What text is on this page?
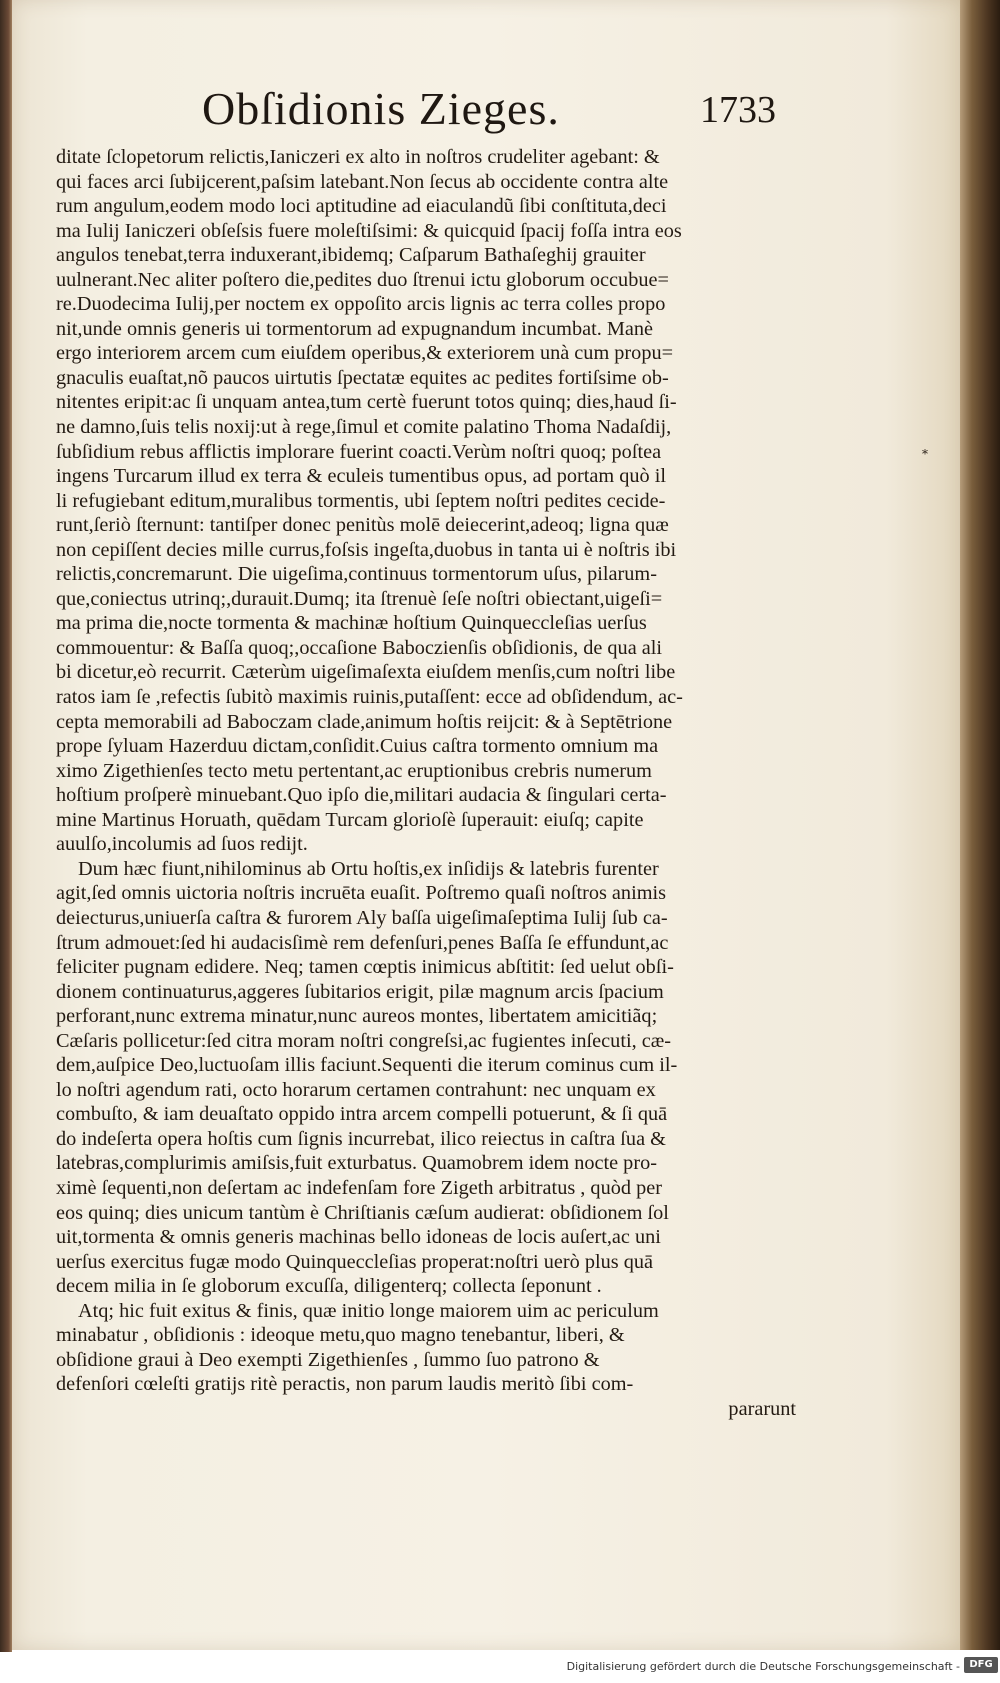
Obſidionis Zieges.	1733
ditate ſclopetorum relictis,Ianiczeri ex alto in noſtros crudeliter agebant: &
qui faces arci ſubijcerent,paſsim latebant.Non ſecus ab occidente contra alte
rum angulum,eodem modo loci aptitudine ad eiaculandũ ſibi conſtituta,deci
ma Iulij Ianiczeri obſeſsis fuere moleſtiſsimi: & quicquid ſpacij foſſa intra eos
angulos tenebat,terra induxerant,ibidemq; Caſparum Bathaſeghij grauiter
uulnerant.Nec aliter poſtero die,pedites duo ſtrenui ictu globorum occubue=
re.Duodecima Iulij,per noctem ex oppoſito arcis lignis ac terra colles propo
nit,unde omnis generis ui tormentorum ad expugnandum incumbat. Manè
ergo interiorem arcem cum eiuſdem operibus,& exteriorem unà cum propu=
gnaculis euaſtat,nõ paucos uirtutis ſpectatæ equites ac pedites fortiſsime ob-
nitentes eripit:ac ſi unquam antea,tum certè fuerunt totos quinq; dies,haud ſi-
ne damno,ſuis telis noxij:ut à rege,ſimul et comite palatino Thoma Nadaſdij,
ſubſidium rebus afflictis implorare fuerint coacti.Verùm noſtri quoq; poſtea
ingens Turcarum illud ex terra & eculeis tumentibus opus, ad portam quò il
li refugiebant editum,muralibus tormentis, ubi ſeptem noſtri pedites cecide-
runt,ſeriò ſternunt: tantiſper donec penitùs molē deiecerint,adeoq; ligna quæ
non cepiſſent decies mille currus,foſsis ingeſta,duobus in tanta ui è noſtris ibi
relictis,concremarunt. Die uigeſima,continuus tormentorum uſus, pilarum-
que,coniectus utrinq;,durauit.Dumq; ita ſtrenuè ſeſe noſtri obiectant,uigeſi=
ma prima die,nocte tormenta & machinæ hoſtium Quinqueccleſias uerſus
commouentur: & Baſſa quoq;,occaſione Baboczienſis obſidionis, de qua ali
bi dicetur,eò recurrit. Cæterùm uigeſimaſexta eiuſdem menſis,cum noſtri libe
ratos iam ſe ,refectis ſubitò maximis ruinis,putaſſent: ecce ad obſidendum, ac-
cepta memorabili ad Baboczam clade,animum hoſtis reijcit: & à Septētrione
prope ſyluam Hazerduu dictam,conſidit.Cuius caſtra tormento omnium ma
ximo Zigethienſes tecto metu pertentant,ac eruptionibus crebris numerum
hoſtium proſperè minuebant.Quo ipſo die,militari audacia & ſingulari certa-
mine Martinus Horuath, quēdam Turcam glorioſè ſuperauit: eiuſq; capite
auulſo,incolumis ad ſuos redijt.
Dum hæc fiunt,nihilominus ab Ortu hoſtis,ex inſidijs & latebris furenter
agit,ſed omnis uictoria noſtris incruēta euaſit. Poſtremo quaſi noſtros animis
deiecturus,uniuerſa caſtra & furorem Aly baſſa uigeſimaſeptima Iulij ſub ca-
ſtrum admouet:ſed hi audacisſimè rem defenſuri,penes Baſſa ſe effundunt,ac
feliciter pugnam edidere. Neq; tamen cœptis inimicus abſtitit: ſed uelut obſi-
dionem continuaturus,aggeres ſubitarios erigit, pilæ magnum arcis ſpacium
perforant,nunc extrema minatur,nunc aureos montes, libertatem amicitiãq;
Cæſaris pollicetur:ſed citra moram noſtri congreſsi,ac fugientes inſecuti, cæ-
dem,auſpice Deo,luctuoſam illis faciunt.Sequenti die iterum cominus cum il-
lo noſtri agendum rati, octo horarum certamen contrahunt: nec unquam ex
combuſto, & iam deuaſtato oppido intra arcem compelli potuerunt, & ſi quā
do indeſerta opera hoſtis cum ſignis incurrebat, ilico reiectus in caſtra ſua &
latebras,complurimis amiſsis,fuit exturbatus. Quamobrem idem nocte pro-
ximè ſequenti,non deſertam ac indefenſam fore Zigeth arbitratus , quòd per
eos quinq; dies unicum tantùm è Chriſtianis cæſum audierat: obſidionem ſol
uit,tormenta & omnis generis machinas bello idoneas de locis auſert,ac uni
uerſus exercitus fugæ modo Quinqueccleſias properat:noſtri uerò plus quā
decem milia in ſe globorum excuſſa, diligenterq; collecta ſeponunt .
Atq; hic fuit exitus & finis, quæ initio longe maiorem uim ac periculum
minabatur , obſidionis : ideoque metu,quo magno tenebantur, liberi, &
obſidione graui à Deo exempti Zigethienſes , ſummo ſuo patrono &
defenſori cœleſti gratijs ritè peractis, non parum laudis meritò ſibi com-
pararunt
*
Digitalisierung gefördert durch die Deutsche Forschungsgemeinschaft - DFG
